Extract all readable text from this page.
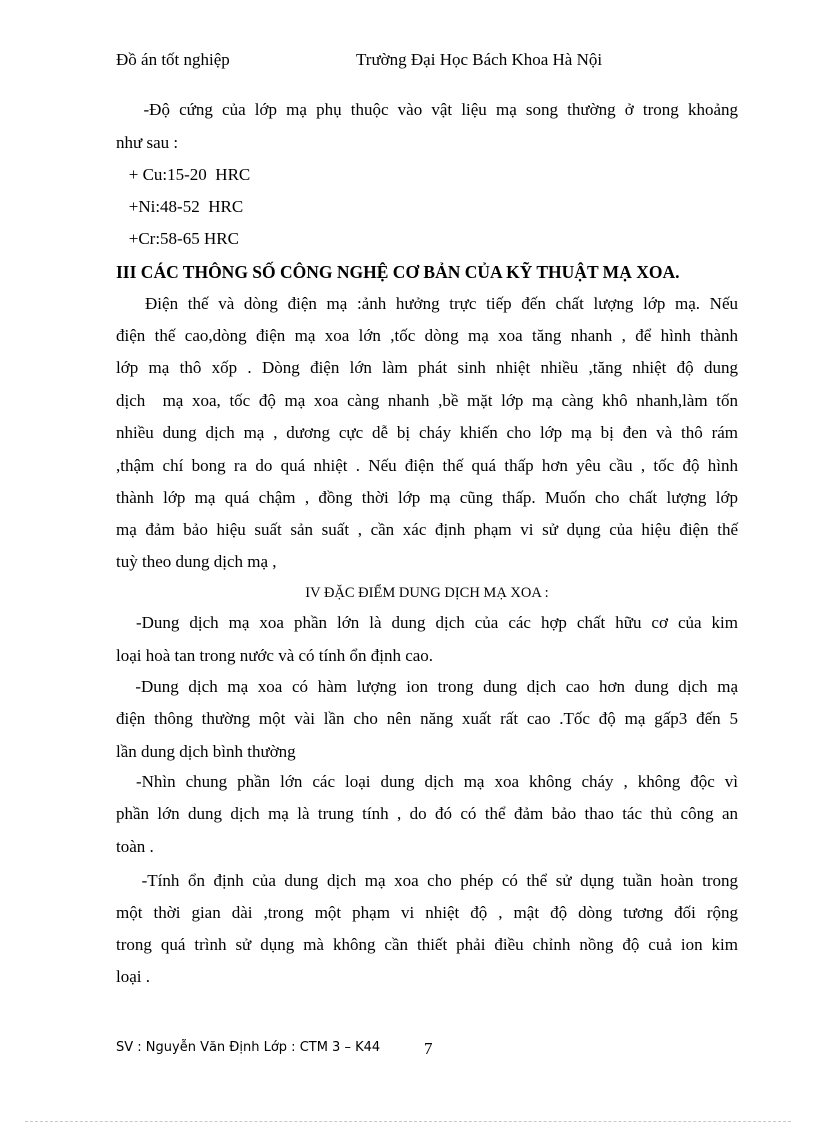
Đồ án tốt nghiệp	Trường Đại Học Bách Khoa Hà Nội
-Độ cứng của lớp mạ phụ thuộc vào vật liệu mạ song thường ở trong khoảng
như sau :
+ Cu:15-20  HRC
+Ni:48-52  HRC
+Cr:58-65 HRC
III CÁC THÔNG SỐ CÔNG NGHỆ CƠ BẢN CỦA KỸ THUẬT MẠ XOA.
Điện thế và dòng điện mạ :ảnh hưởng trực tiếp đến chất lượng lớp mạ. Nếu
điện thế cao,dòng điện mạ xoa lớn ,tốc dòng mạ xoa tăng nhanh , để hình thành
lớp mạ thô xốp . Dòng điện lớn làm phát sinh nhiệt nhiều ,tăng nhiệt độ dung
dịch  mạ xoa, tốc độ mạ xoa càng nhanh ,bề mặt lớp mạ càng khô nhanh,làm tốn
nhiều dung dịch mạ , dương cực dễ bị cháy khiến cho lớp mạ bị đen và thô rám
,thậm chí bong ra do quá nhiệt . Nếu điện thế quá thấp hơn yêu cầu , tốc độ hình
thành lớp mạ quá chậm , đồng thời lớp mạ cũng thấp. Muốn cho chất lượng lớp
mạ đảm bảo hiệu suất sản suất , cần xác định phạm vi sử dụng của hiệu điện thế
tuỳ theo dung dịch mạ ,
IV ĐẶC ĐIỂM DUNG DỊCH MẠ XOA :
-Dung dịch mạ xoa phần lớn là dung dịch của các hợp chất hữu cơ của kim
loại hoà tan trong nước và có tính ổn định cao.
-Dung dịch mạ xoa có hàm lượng ion trong dung dịch cao hơn dung dịch mạ
điện thông thường một vài lần cho nên năng xuất rất cao .Tốc độ mạ gấp3 đến 5
lần dung dịch bình thường
-Nhìn chung phần lớn các loại dung dịch mạ xoa không cháy , không độc vì
phần lớn dung dịch mạ là trung tính , do đó có thể đảm bảo thao tác thủ công an
toàn .
-Tính ổn định của dung dịch mạ xoa cho phép có thể sử dụng tuần hoàn trong
một thời gian dài ,trong một phạm vi nhiệt độ , mật độ dòng tương đối rộng
trong quá trình sử dụng mà không cần thiết phải điều chỉnh nồng độ cuả ion kim
loại .
SV : Nguyễn Văn Định Lớp : CTM 3 – K44	7
